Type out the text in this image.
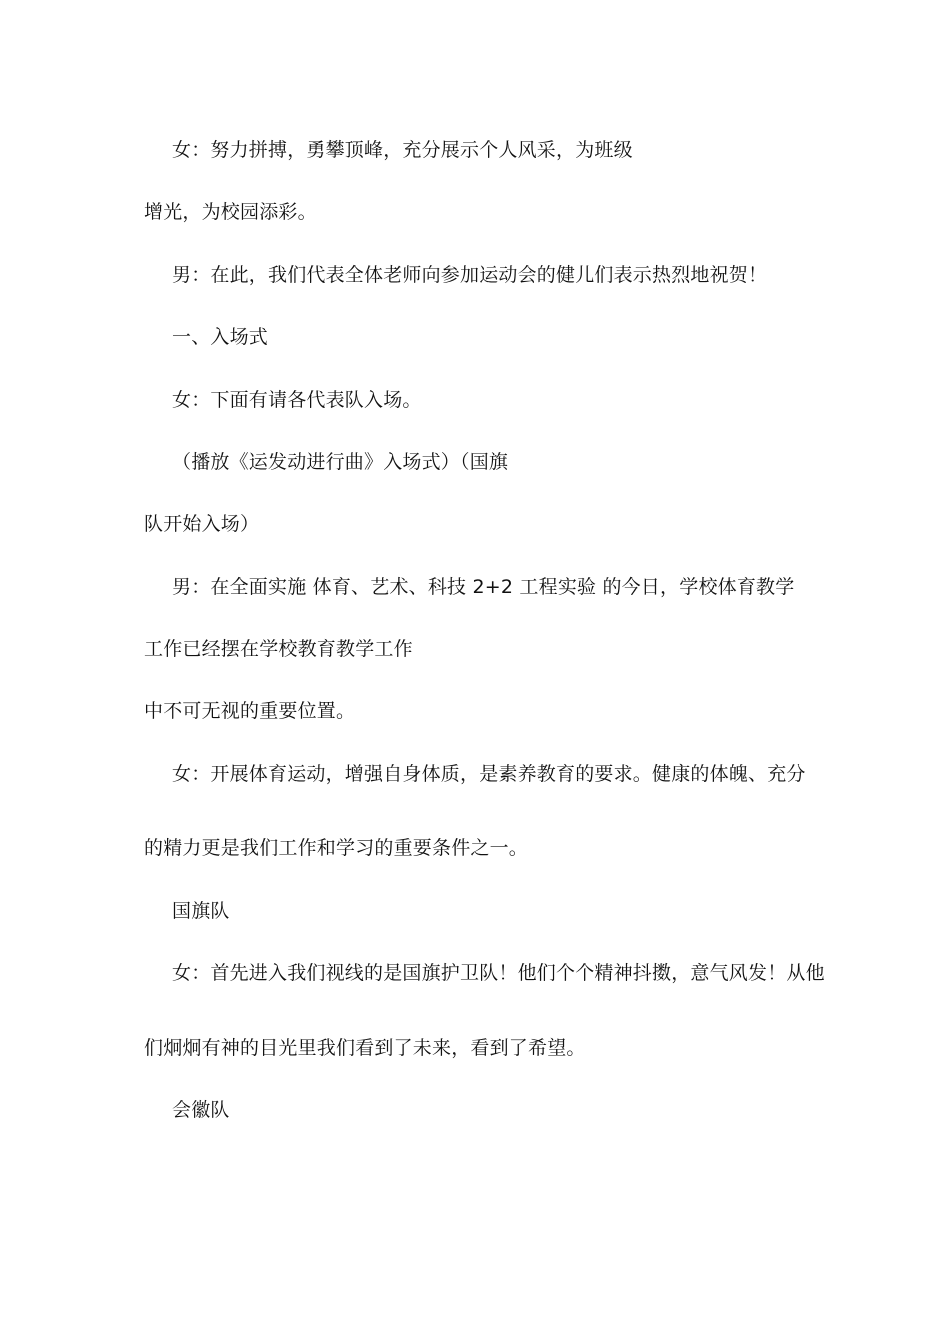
女：努力拼搏，勇攀顶峰，充分展示个人风采，为班级
增光，为校园添彩。
男：在此，我们代表全体老师向参加运动会的健儿们表示热烈地祝贺！
一、入场式
女：下面有请各代表队入场。
（播放《运发动进行曲》入场式）（国旗
队开始入场）
男：在全面实施 体育、艺术、科技 2+2 工程实验 的今日，学校体育教学
工作已经摆在学校教育教学工作
中不可无视的重要位置。
女：开展体育运动，增强自身体质，是素养教育的要求。健康的体魄、充分
的精力更是我们工作和学习的重要条件之一。
国旗队
女：首先进入我们视线的是国旗护卫队！他们个个精神抖擞，意气风发！从他
们炯炯有神的目光里我们看到了未来，看到了希望。
会徽队
